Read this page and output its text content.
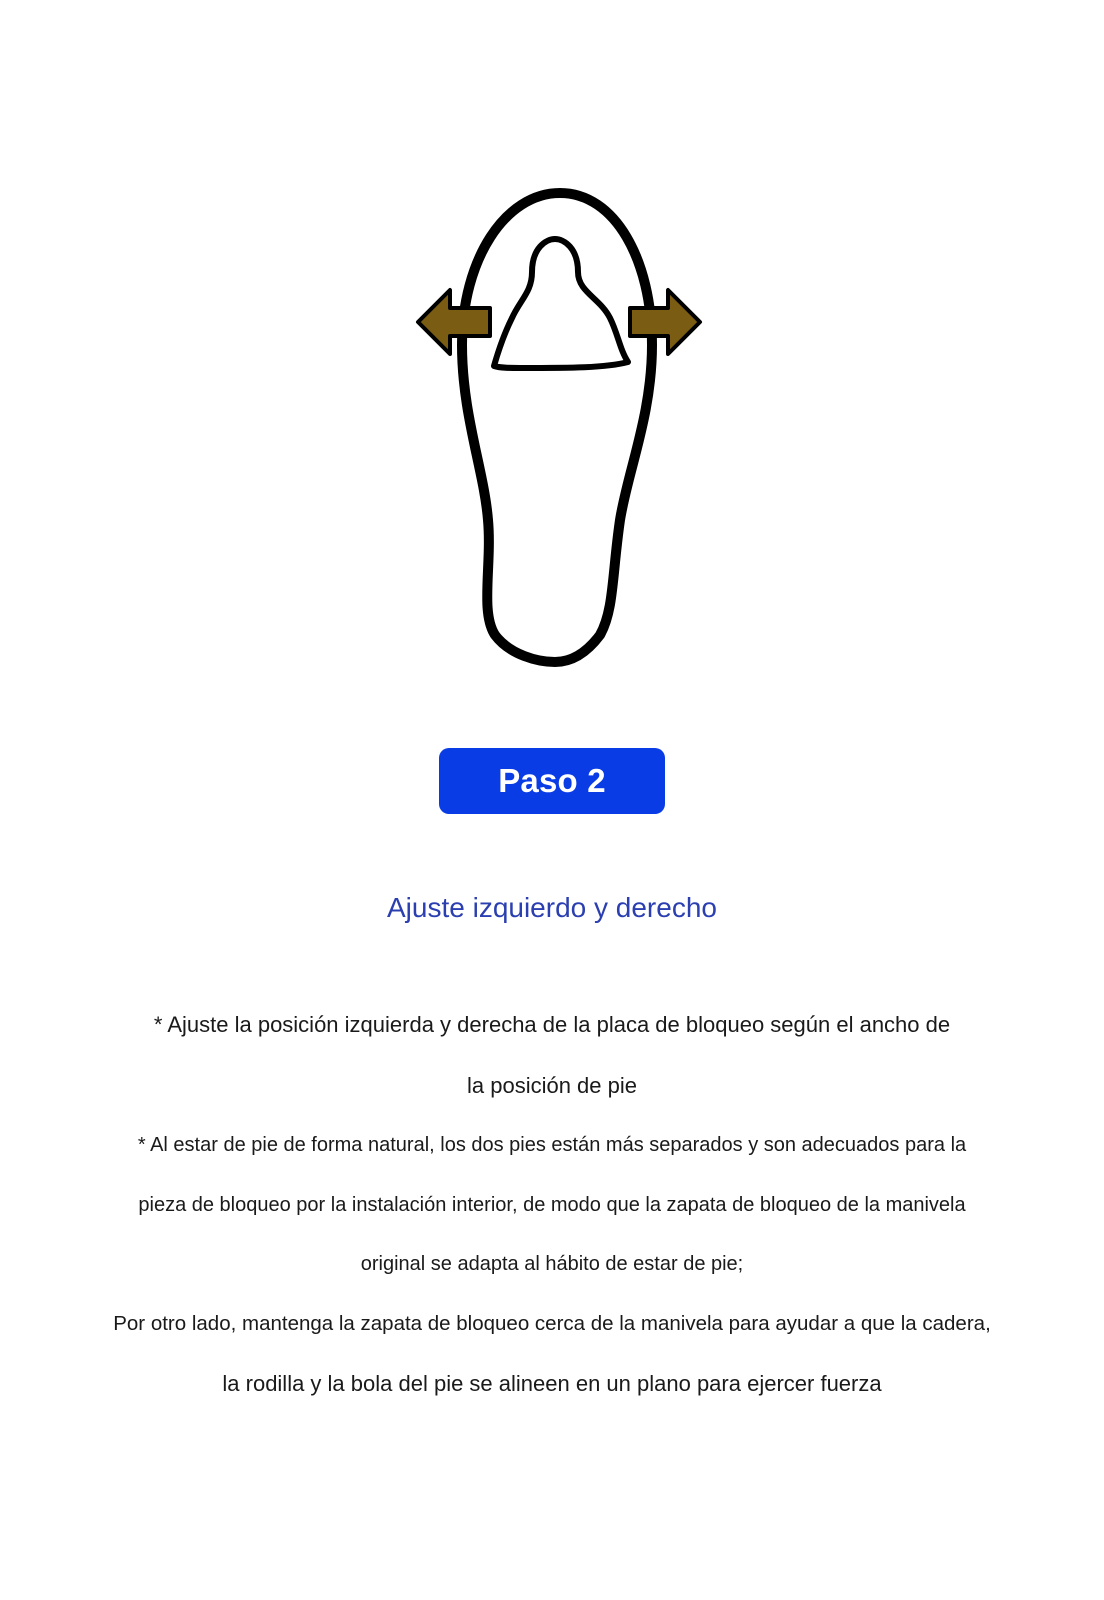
Paso 2
Ajuste izquierdo y derecho
* Ajuste la posición izquierda y derecha de la placa de bloqueo según el ancho de
la posición de pie
* Al estar de pie de forma natural, los dos pies están más separados y son adecuados para la
pieza de bloqueo por la instalación interior, de modo que la zapata de bloqueo de la manivela
original se adapta al hábito de estar de pie;
Por otro lado, mantenga la zapata de bloqueo cerca de la manivela para ayudar a que la cadera,
la rodilla y la bola del pie se alineen en un plano para ejercer fuerza
